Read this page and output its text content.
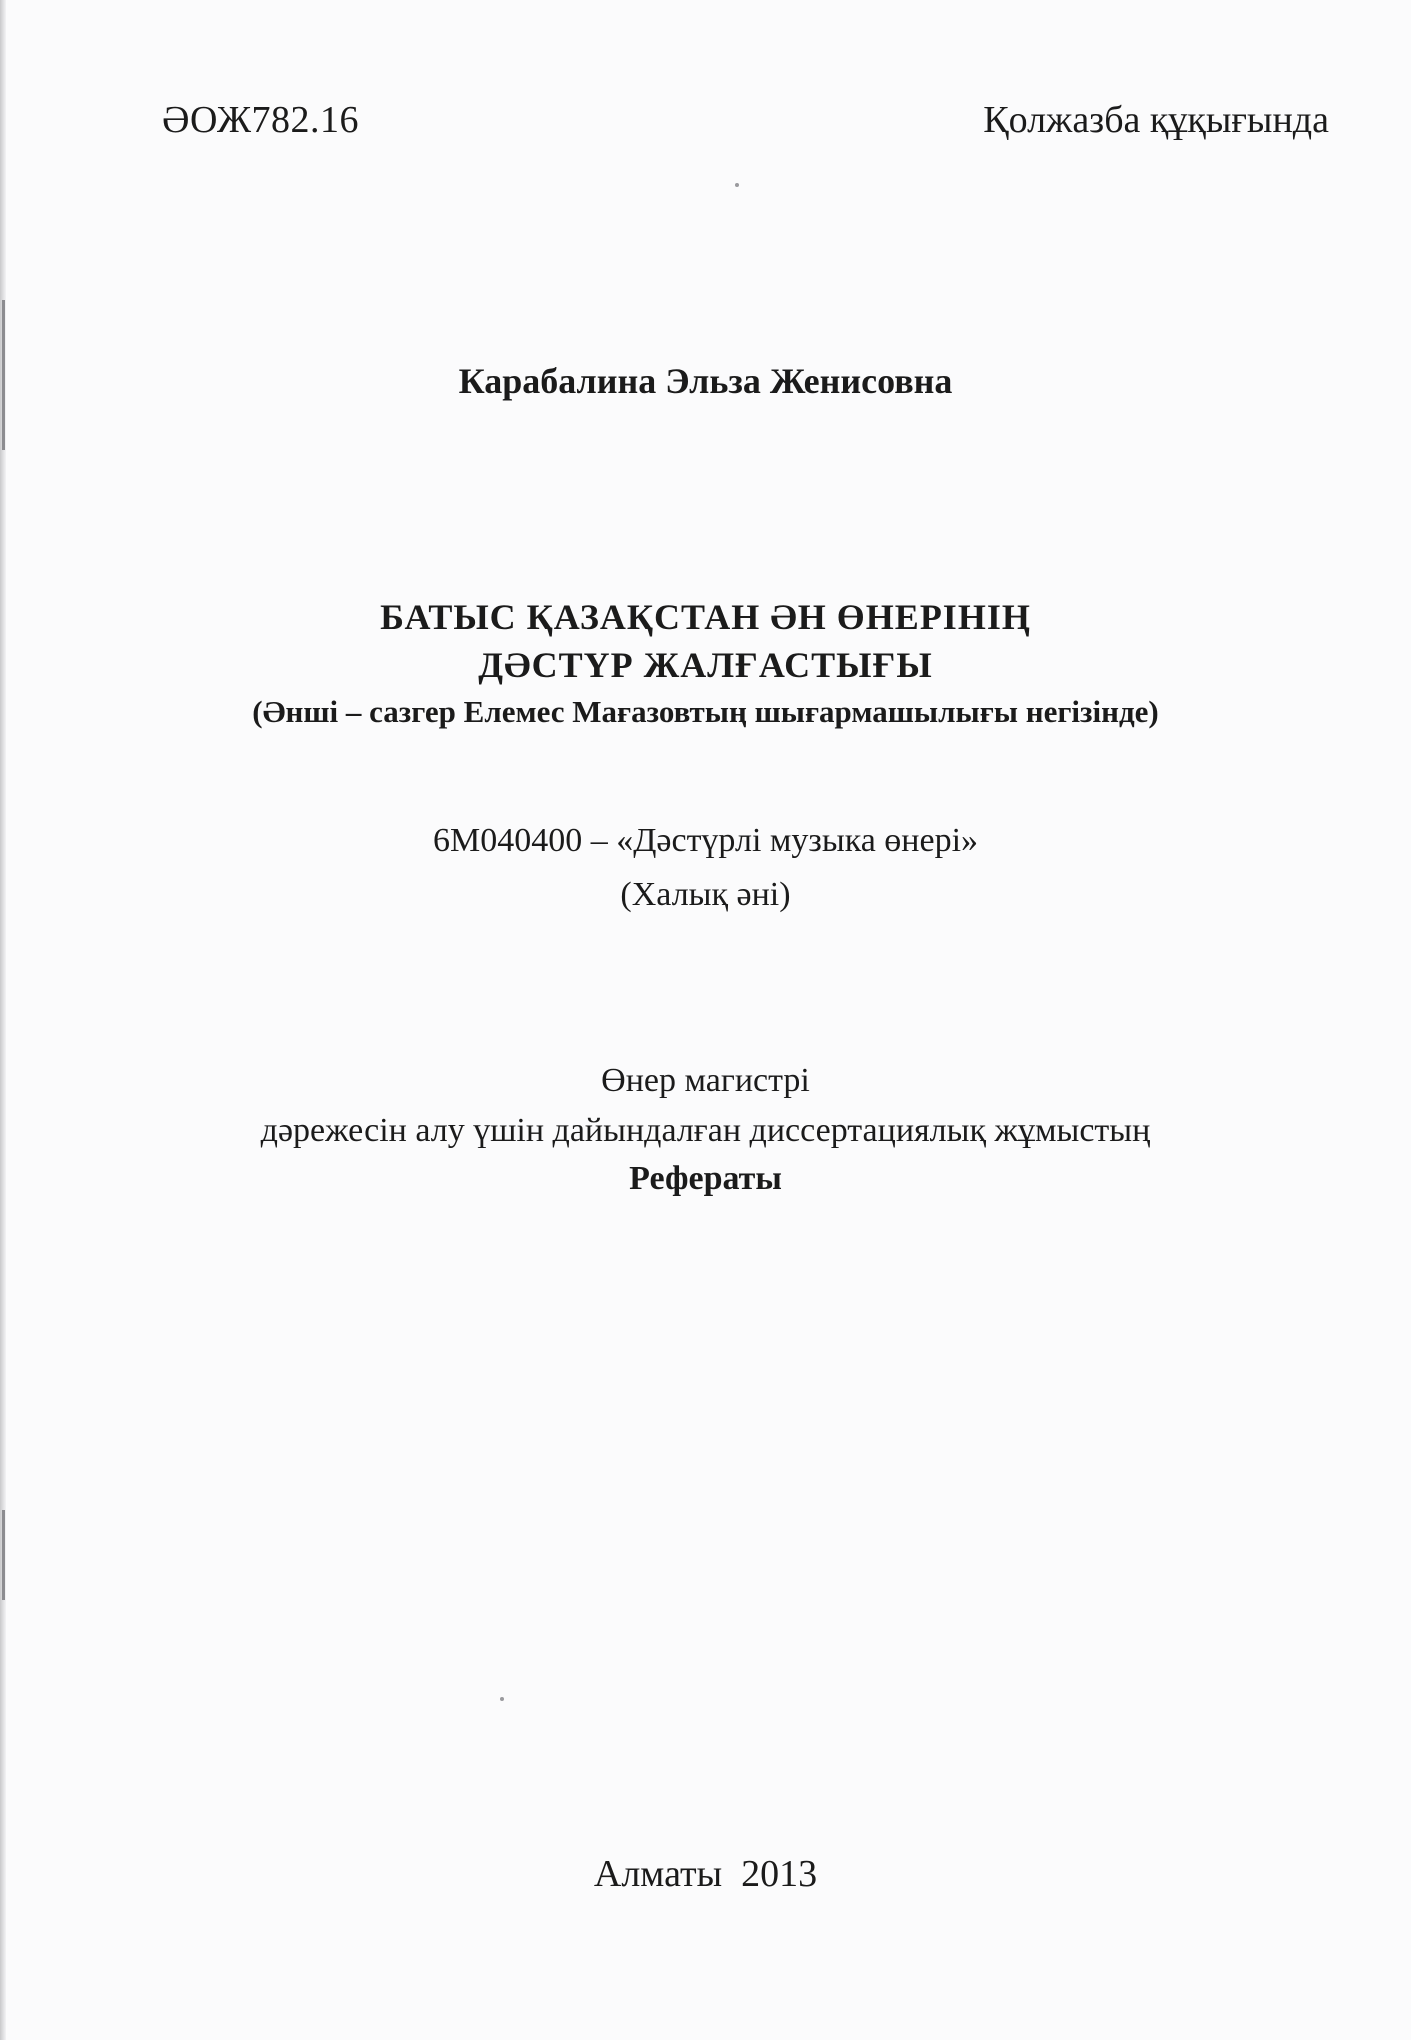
ӘОЖ782.16	Қолжазба құқығында
Карабалина Эльза Женисовна
БАТЫС ҚАЗАҚСТАН ӘН ӨНЕРІНІҢ
ДӘСТҮР ЖАЛҒАСТЫҒЫ
(Әнші – сазгер Елемес Мағазовтың шығармашылығы негізінде)
6М040400 – «Дәстүрлі музыка өнері»
(Халық әні)
Өнер магистрі
дәрежесін алу үшін дайындалған диссертациялық жұмыстың
Рефераты
Алматы  2013
